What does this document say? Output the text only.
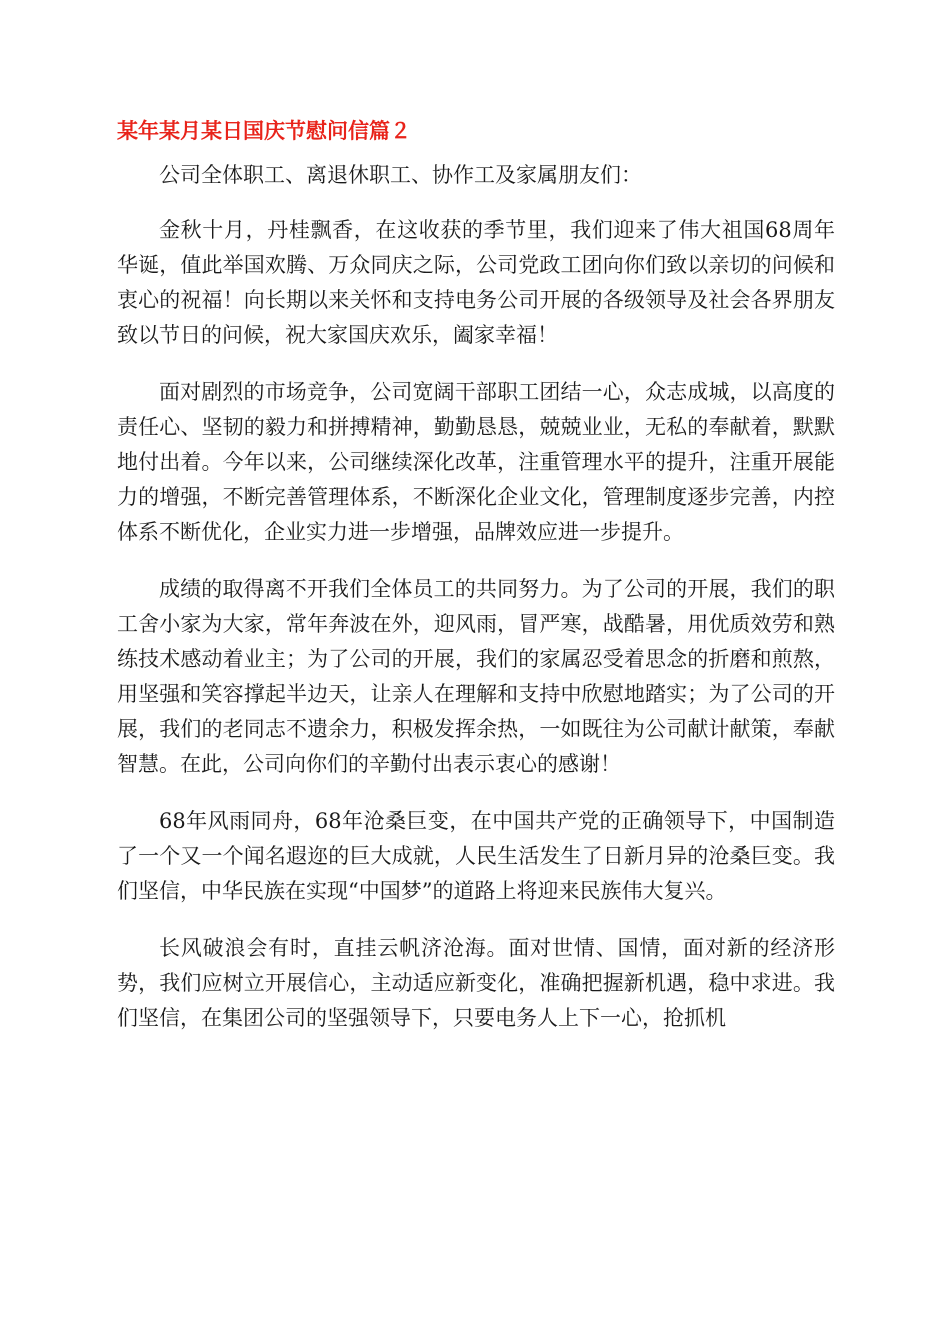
某年某月某日国庆节慰问信篇２

公司全体职工、离退休职工、协作工及家属朋友们：

金秋十月，丹桂飘香，在这收获的季节里，我们迎来了伟大祖国68周年华诞，值此举国欢腾、万众同庆之际，公司党政工团向你们致以亲切的问候和衷心的祝福！向长期以来关怀和支持电务公司开展的各级领导及社会各界朋友致以节日的问候，祝大家国庆欢乐，阖家幸福！

面对剧烈的市场竞争，公司宽阔干部职工团结一心，众志成城，以高度的责任心、坚韧的毅力和拼搏精神，勤勤恳恳，兢兢业业，无私的奉献着，默默地付出着。今年以来，公司继续深化改革，注重管理水平的提升，注重开展能力的增强，不断完善管理体系，不断深化企业文化，管理制度逐步完善，内控体系不断优化，企业实力进一步增强，品牌效应进一步提升。

成绩的取得离不开我们全体员工的共同努力。为了公司的开展，我们的职工舍小家为大家，常年奔波在外，迎风雨，冒严寒，战酷暑，用优质效劳和熟练技术感动着业主；为了公司的开展，我们的家属忍受着思念的折磨和煎熬，用坚强和笑容撑起半边天，让亲人在理解和支持中欣慰地踏实；为了公司的开展，我们的老同志不遗余力，积极发挥余热，一如既往为公司献计献策，奉献智慧。在此，公司向你们的辛勤付出表示衷心的感谢！

68年风雨同舟，68年沧桑巨变，在中国共产党的正确领导下，中国制造了一个又一个闻名遐迩的巨大成就，人民生活发生了日新月异的沧桑巨变。我们坚信，中华民族在实现“中国梦”的道路上将迎来民族伟大复兴。

长风破浪会有时，直挂云帆济沧海。面对世情、国情，面对新的经济形势，我们应树立开展信心，主动适应新变化，准确把握新机遇，稳中求进。我们坚信，在集团公司的坚强领导下，只要电务人上下一心，抢抓机
